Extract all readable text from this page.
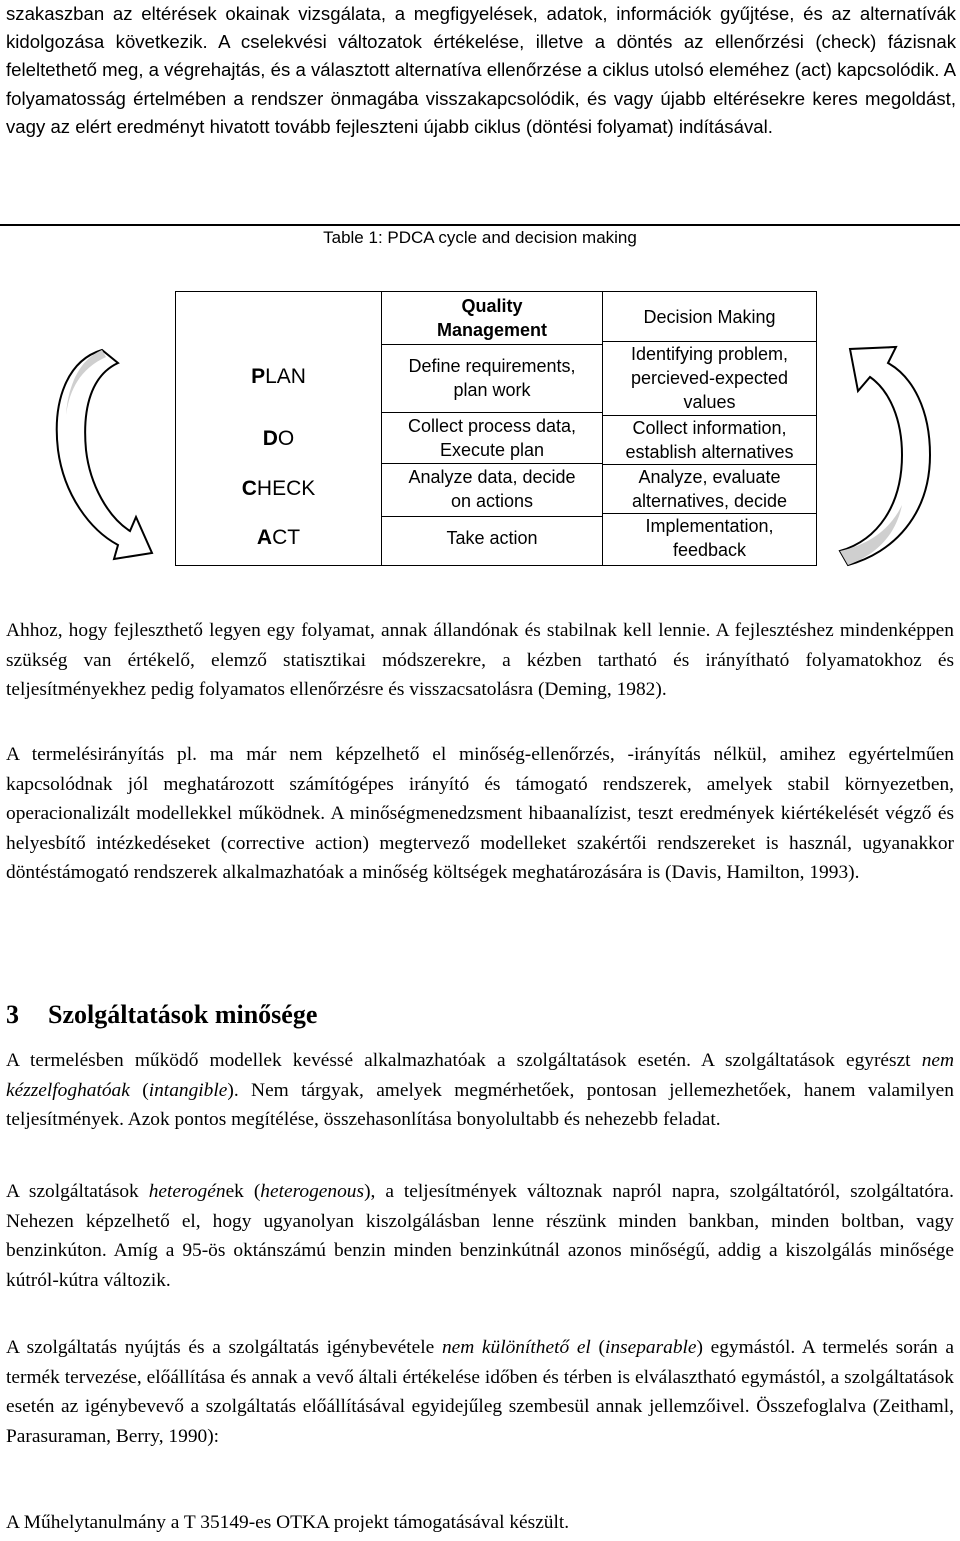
szakaszban az eltérések okainak vizsgálata, a megfigyelések, adatok, információk gyűjtése, és az alternatívák kidolgozása következik. A cselekvési változatok értékelése, illetve a döntés az ellenőrzési (check) fázisnak feleltethető meg, a végrehajtás, és a választott alternatíva ellenőrzése a ciklus utolsó eleméhez (act) kapcsolódik. A folyamatosság értelmében a rendszer önmagába visszakapcsolódik, és vagy újabb eltérésekre keres megoldást, vagy az elért eredményt hivatott tovább fejleszteni újabb ciklus (döntési folyamat) indításával.
Table 1: PDCA cycle and decision making
PLAN
DO
CHECK
ACT
Quality
Management
Define requirements,
plan work
Collect process data,
Execute plan
Analyze data, decide
on actions
Take action
Decision Making
Identifying problem,
percieved-expected
values
Collect information,
establish alternatives
Analyze, evaluate
alternatives, decide
Implementation,
feedback
Ahhoz, hogy fejleszthető legyen egy folyamat, annak állandónak és stabilnak kell lennie. A fejlesztéshez mindenképpen szükség van értékelő, elemző statisztikai módszerekre, a kézben tartható és irányítható folyamatokhoz és teljesítményekhez pedig folyamatos ellenőrzésre és visszacsatolásra (Deming, 1982).
A termelésirányítás pl. ma már nem képzelhető el minőség-ellenőrzés, -irányítás nélkül, amihez egyértelműen kapcsolódnak jól meghatározott számítógépes irányító és támogató rendszerek, amelyek stabil környezetben, operacionalizált modellekkel működnek. A minőségmenedzsment hibaanalízist, teszt eredmények kiértékelését végző és helyesbítő intézkedéseket (corrective action) megtervező modelleket szakértői rendszereket is használ, ugyanakkor döntéstámogató rendszerek alkalmazhatóak a minőség költségek meghatározására is (Davis, Hamilton, 1993).
3 Szolgáltatások minősége
A termelésben működő modellek kevéssé alkalmazhatóak a szolgáltatások esetén. A szolgáltatások egyrészt nem kézzelfoghatóak (intangible). Nem tárgyak, amelyek megmérhetőek, pontosan jellemezhetőek, hanem valamilyen teljesítmények. Azok pontos megítélése, összehasonlítása bonyolultabb és nehezebb feladat.
A szolgáltatások heterogének (heterogenous), a teljesítmények változnak napról napra, szolgáltatóról, szolgáltatóra. Nehezen képzelhető el, hogy ugyanolyan kiszolgálásban lenne részünk minden bankban, minden boltban, vagy benzinkúton. Amíg a 95-ös oktánszámú benzin minden benzinkútnál azonos minőségű, addig a kiszolgálás minősége kútról-kútra változik.
A szolgáltatás nyújtás és a szolgáltatás igénybevétele nem különíthető el (inseparable) egymástól. A termelés során a termék tervezése, előállítása és annak a vevő általi értékelése időben és térben is elválasztható egymástól, a szolgáltatások esetén az igénybevevő a szolgáltatás előállításával egyidejűleg szembesül annak jellemzőivel. Összefoglalva (Zeithaml, Parasuraman, Berry, 1990):
A Műhelytanulmány a T 35149-es OTKA projekt támogatásával készült.
